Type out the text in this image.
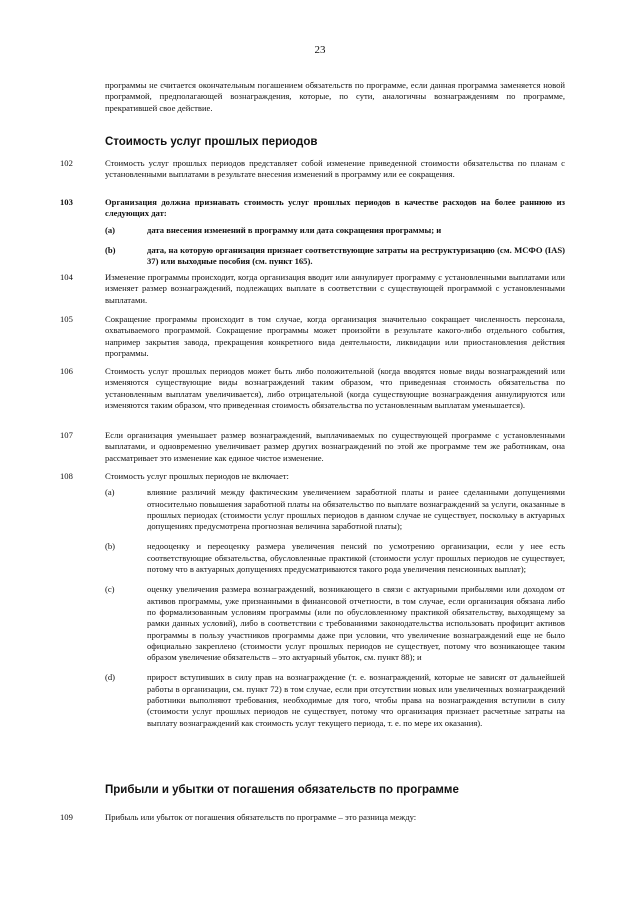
23
программы не считается окончательным погашением обязательств по программе, если данная программа заменяется новой программой, предполагающей вознаграждения, которые, по сути, аналогичны вознаграждениям по программе, прекратившей свое действие.
Стоимость услуг прошлых периодов
102	Стоимость услуг прошлых периодов представляет собой изменение приведенной стоимости обязательства по планам с установленными выплатами в результате внесения изменений в программу или ее сокращения.
103	Организация должна признавать стоимость услуг прошлых периодов в качестве расходов на более раннюю из следующих дат:
(a)	дата внесения изменений в программу или дата сокращения программы; и
(b)	дата, на которую организация признает соответствующие затраты на реструктуризацию (см. МСФО (IAS) 37) или выходные пособия (см. пункт 165).
104	Изменение программы происходит, когда организация вводит или аннулирует программу с установленными выплатами или изменяет размер вознаграждений, подлежащих выплате в соответствии с существующей программой с установленными выплатами.
105	Сокращение программы происходит в том случае, когда организация значительно сокращает численность персонала, охватываемого программой. Сокращение программы может произойти в результате какого-либо отдельного события, например закрытия завода, прекращения конкретного вида деятельности, ликвидации или приостановления действия программы.
106	Стоимость услуг прошлых периодов может быть либо положительной (когда вводятся новые виды вознаграждений или изменяются существующие виды вознаграждений таким образом, что приведенная стоимость обязательства по установленным выплатам увеличивается), либо отрицательной (когда существующие вознаграждения аннулируются или изменяются таким образом, что приведенная стоимость обязательства по установленным выплатам уменьшается).
107	Если организация уменьшает размер вознаграждений, выплачиваемых по существующей программе с установленными выплатами, и одновременно увеличивает размер других вознаграждений по этой же программе тем же работникам, она рассматривает это изменение как единое чистое изменение.
108	Стоимость услуг прошлых периодов не включает:
(a)	влияние различий между фактическим увеличением заработной платы и ранее сделанными допущениями относительно повышения заработной платы на обязательство по выплате вознаграждений за услуги, оказанные в прошлых периодах (стоимости услуг прошлых периодов в данном случае не существует, поскольку в актуарных допущениях предусмотрена прогнозная величина заработной платы);
(b)	недооценку и переоценку размера увеличения пенсий по усмотрению организации, если у нее есть соответствующие обязательства, обусловленные практикой (стоимости услуг прошлых периодов не существует, потому что в актуарных допущениях предусматриваются такого рода увеличения пенсионных выплат);
(c)	оценку увеличения размера вознаграждений, возникающего в связи с актуарными прибылями или доходом от активов программы, уже признанными в финансовой отчетности, в том случае, если организация обязана либо по формализованным условиям программы (или по обусловленному практикой обязательству, выходящему за рамки данных условий), либо в соответствии с требованиями законодательства использовать профицит активов программы в пользу участников программы даже при условии, что увеличение вознаграждений еще не было официально закреплено (стоимости услуг прошлых периодов не существует, потому что возникающее таким образом увеличение обязательств – это актуарный убыток, см. пункт 88); и
(d)	прирост вступивших в силу прав на вознаграждение (т. е. вознаграждений, которые не зависят от дальнейшей работы в организации, см. пункт 72) в том случае, если при отсутствии новых или увеличенных вознаграждений работники выполняют требования, необходимые для того, чтобы права на вознаграждения вступили в силу (стоимости услуг прошлых периодов не существует, потому что организация признает расчетные затраты на выплату вознаграждений как стоимость услуг текущего периода, т. е. по мере их оказания).
Прибыли и убытки от погашения обязательств по программе
109	Прибыль или убыток от погашения обязательств по программе – это разница между:
